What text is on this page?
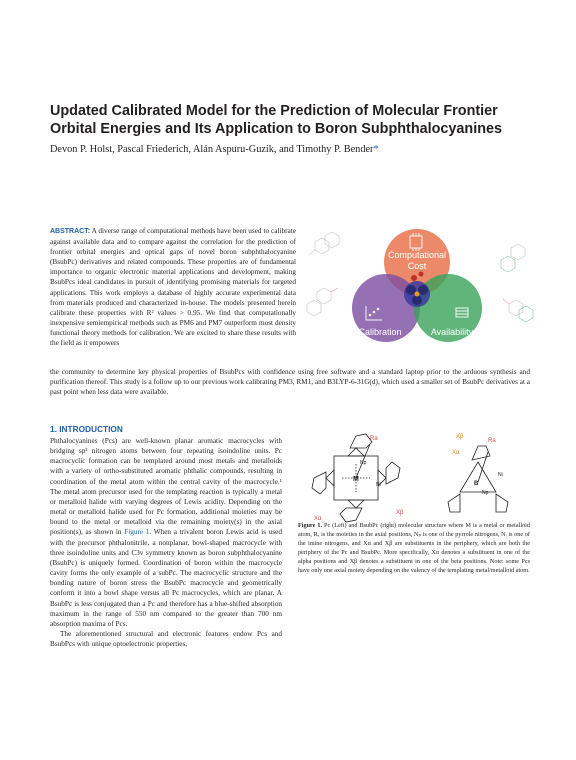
Updated Calibrated Model for the Prediction of Molecular Frontier Orbital Energies and Its Application to Boron Subphthalocyanines
Devon P. Holst, Pascal Friederich, Alán Aspuru-Guzik, and Timothy P. Bender*
ABSTRACT: A diverse range of computational methods have been used to calibrate against available data and to compare against the correlation for the prediction of frontier orbital energies and optical gaps of novel boron subphthalocyanine (BsubPc) derivatives and related compounds. These properties are of fundamental importance to organic electronic material applications and development, making BsubPcs ideal candidates in pursuit of identifying promising materials for targeted applications. This work employs a database of highly accurate experimental data from materials produced and characterized in-house. The models presented herein calibrate these properties with R² values > 0.95. We find that computationally inexpensive semiempirical methods such as PM6 and PM7 outperform most density functional theory methods for calibration. We are excited to share these results with the field as it empowers
Computational
Cost
Calibration	Availability
the community to determine key physical properties of BsubPcs with confidence using free software and a standard laptop prior to the arduous synthesis and purification thereof. This study is a follow up to our previous work calibrating PM3, RM1, and B3LYP-6-31G(d), which used a smaller set of BsubPc derivatives at a past point when less data were available.
1. INTRODUCTION

Phthalocyanines (Pcs) are well-known planar aromatic macrocycles with bridging sp² nitrogen atoms between four repeating isoindoline units. Pc macrocyclic formation can be templated around most metals and metalloids with a variety of ortho-substituted aromatic phthalic compounds, resulting in coordination of the metal atom within the central cavity of the macrocycle.¹ The metal atom precursor used for the templating reaction is typically a metal or metalloid halide with varying degrees of Lewis acidity. Depending on the metal or metalloid halide used for Pc formation, additional moieties may be bound to the metal or metalloid via the remaining moiety(s) in the axial position(s), as shown in Figure 1. When a trivalent boron Lewis acid is used with the precursor phthalonitrile, a nonplanar, bowl-shaped macrocycle with three isoindoline units and C3v symmetry known as boron subphthalocyanine (BsubPc) is uniquely formed. Coordination of boron within the macrocycle cavity forms the only example of a subPc. The macrocyclic structure and the bonding nature of boron stress the BsubPc macrocycle and geometrically conform it into a bowl shape versus all Pc macrocycles, which are planar. A BsubPc is less conjugated than a Pc and therefore has a blue-shifted absorption maximum in the range of 550 nm compared to the greater than 700 nm absorption maxima of Pcs.

The aforementioned structural and electronic features endow Pcs and BsubPcs with unique optoelectronic properties,

M
Ra
Xβ
Xα
Np
Ni	B
Ra
Xβ
Xα
Np
Ni
Figure 1. Pc (Left) and BsubPc (right) molecular structure where M is a metal or metalloid atom, Rₐ is the moieties in the axial positions, Nₚ is one of the pyrrole nitrogens, Nᵢ is one of the imine nitrogens, and Xα and Xβ are substituents in the periphery, which are both the periphery of the Pc and BsubPc. More specifically, Xα denotes a substituent in one of the alpha positions and Xβ denotes a substituent in one of the beta positions. Note: some Pcs have only one axial moiety depending on the valency of the templating metal/metalloid atom.
